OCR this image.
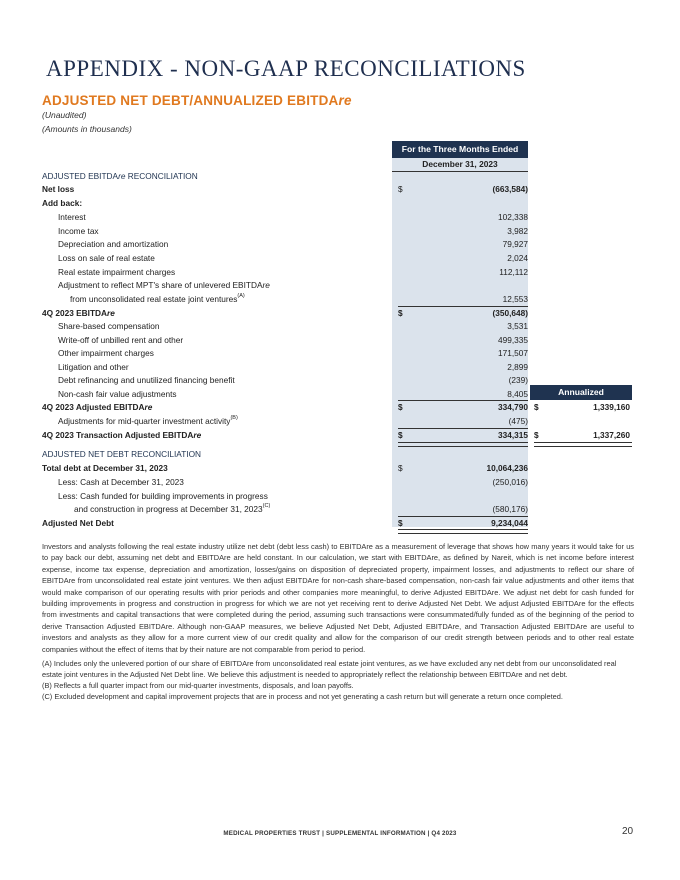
APPENDIX - NON-GAAP RECONCILIATIONS
ADJUSTED NET DEBT/ANNUALIZED EBITDAre
(Unaudited)
(Amounts in thousands)
For the Three Months Ended
December 31, 2023
Annualized
ADJUSTED EBITDAre RECONCILIATION
Net loss	$	(663,584)
Add back:
Interest	102,338
Income tax	3,982
Depreciation and amortization	79,927
Loss on sale of real estate	2,024
Real estate impairment charges	112,112
Adjustment to reflect MPT's share of unlevered EBITDAre
from unconsolidated real estate joint ventures$^{(A)}$	12,553
4Q 2023 EBITDAre	$	(350,648)
Share-based compensation	3,531
Write-off of unbilled rent and other	499,335
Other impairment charges	171,507
Litigation and other	2,899
Debt refinancing and unutilized financing benefit	(239)
Non-cash fair value adjustments	8,405
4Q 2023 Adjusted EBITDAre	$	334,790 $	1,339,160
Adjustments for mid-quarter investment activity$^{(B)}$	(475)
4Q 2023 Transaction Adjusted EBITDAre	$	334,315 $	1,337,260
ADJUSTED NET DEBT RECONCILIATION
Total debt at December 31, 2023	$	10,064,236
Less: Cash at December 31, 2023	(250,016)
Less: Cash funded for building improvements in progress
and construction in progress at December 31, $2023^{(C)}$	(580,176)
Adjusted Net Debt	$	9,234,044
Investors and analysts following the real estate industry utilize net debt (debt less cash) to EBITDAre as a measurement of leverage that shows how many years it would take for us to pay back our debt, assuming net debt and EBITDAre are held constant. In our calculation, we start with EBITDAre, as defined by Nareit, which is net income before interest expense, income tax expense, depreciation and amortization, losses/gains on disposition of depreciated property, impairment losses, and adjustments to reflect our share of EBITDAre from unconsolidated real estate joint ventures. We then adjust EBITDAre for non-cash share-based compensation, non-cash fair value adjustments and other items that would make comparison of our operating results with prior periods and other companies more meaningful, to derive Adjusted EBITDAre. We adjust net debt for cash funded for building improvements in progress and construction in progress for which we are not yet receiving rent to derive Adjusted Net Debt. We adjust Adjusted EBITDAre for the effects from investments and capital transactions that were completed during the period, assuming such transactions were consummated/fully funded as of the beginning of the period to derive Transaction Adjusted EBITDAre. Although non-GAAP measures, we believe Adjusted Net Debt, Adjusted EBITDAre, and Transaction Adjusted EBITDAre are useful to investors and analysts as they allow for a more current view of our credit quality and allow for the comparison of our credit strength between periods and to other real estate companies without the effect of items that by their nature are not comparable from period to period.
(A) Includes only the unlevered portion of our share of EBITDAre from unconsolidated real estate joint ventures, as we have excluded any net debt from our unconsolidated real estate joint ventures in the Adjusted Net Debt line. We believe this adjustment is needed to appropriately reflect the relationship between EBITDAre and net debt.
(B) Reflects a full quarter impact from our mid-quarter investments, disposals, and loan payoffs.
(C) Excluded development and capital improvement projects that are in process and not yet generating a cash return but will generate a return once completed.
MEDICAL PROPERTIES TRUST | SUPPLEMENTAL INFORMATION | Q4 2023	20
